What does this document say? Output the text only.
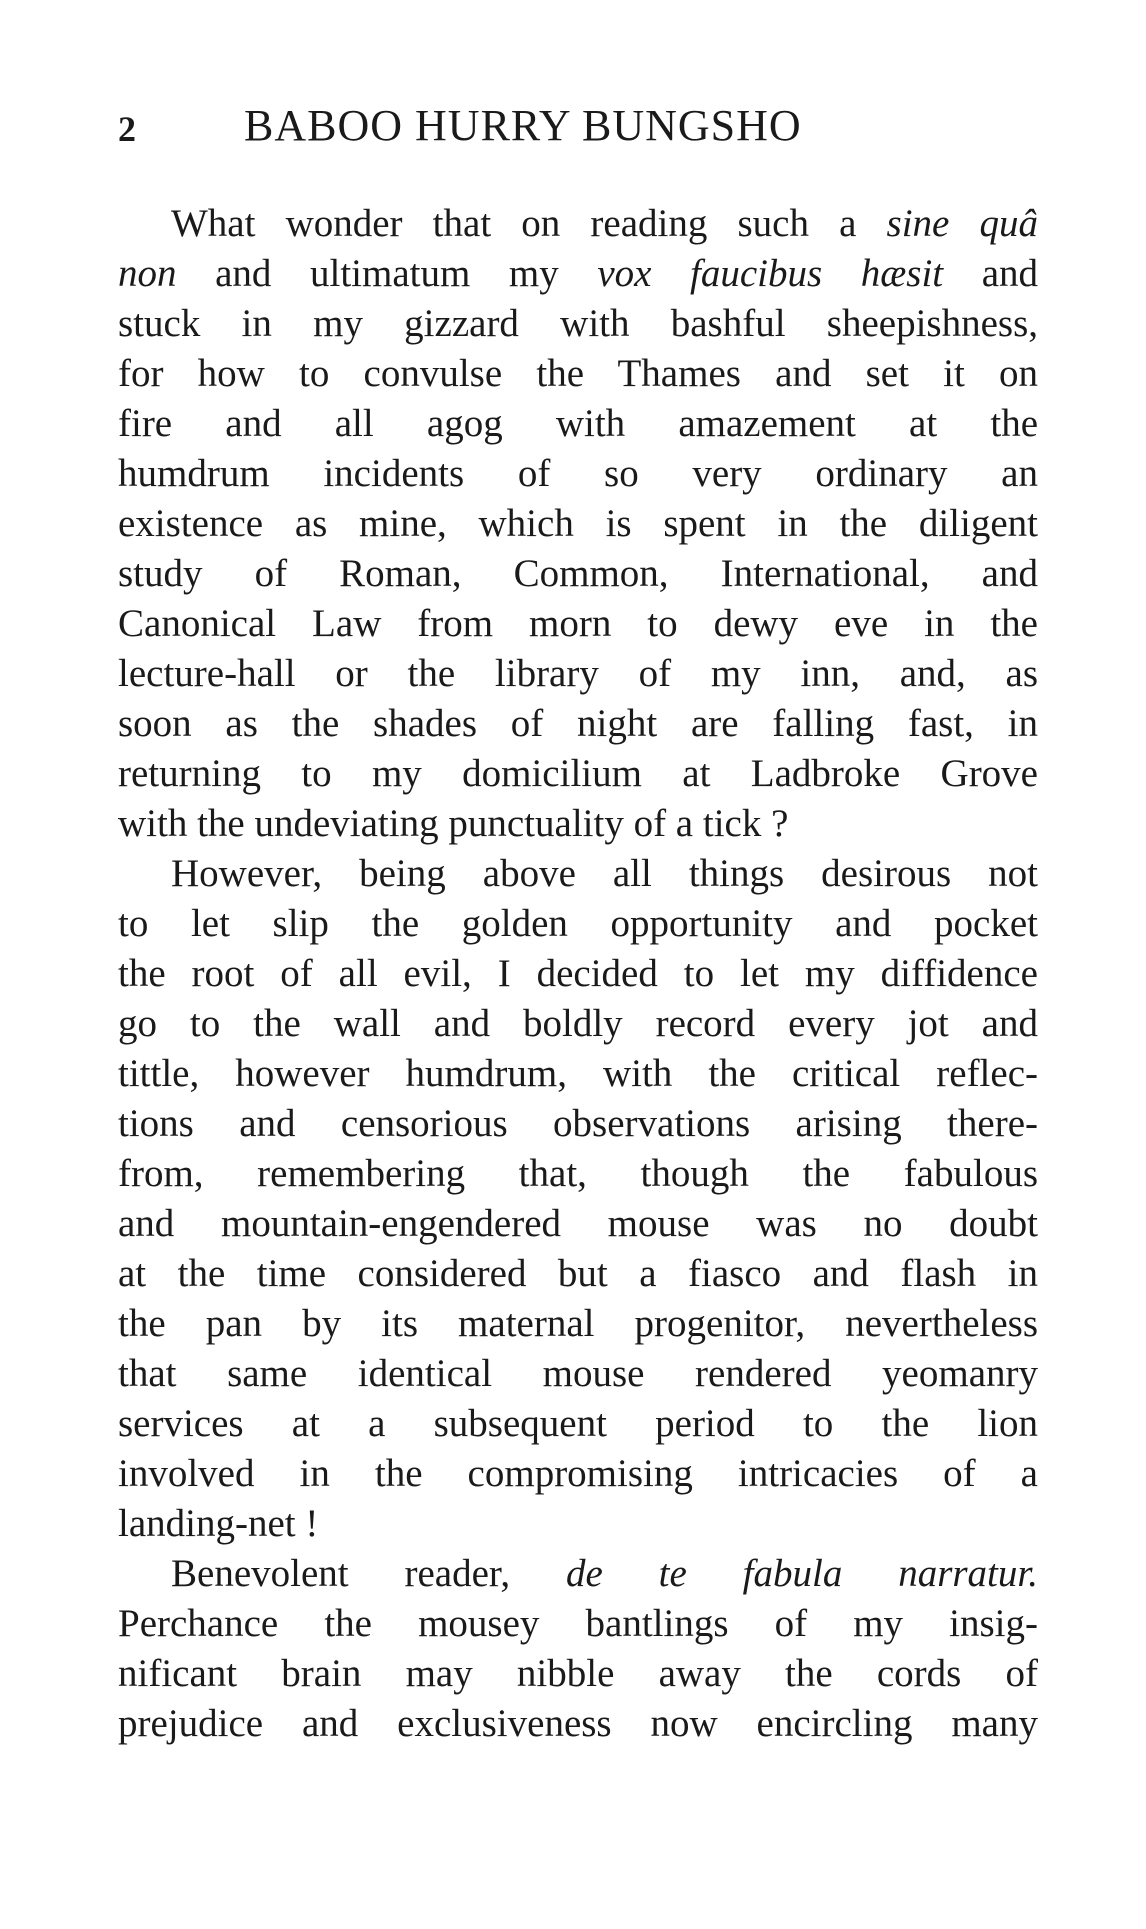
2 BABOO HURRY BUNGSHO
What wonder that on reading such a sine quâ
non and ultimatum my vox faucibus hæsit and
stuck in my gizzard with bashful sheepishness,
for how to convulse the Thames and set it on
fire and all agog with amazement at the
humdrum incidents of so very ordinary an
existence as mine, which is spent in the diligent
study of Roman, Common, International, and
Canonical Law from morn to dewy eve in the
lecture-hall or the library of my inn, and, as
soon as the shades of night are falling fast, in
returning to my domicilium at Ladbroke Grove
with the undeviating punctuality of a tick ?
However, being above all things desirous not
to let slip the golden opportunity and pocket
the root of all evil, I decided to let my diffidence
go to the wall and boldly record every jot and
tittle, however humdrum, with the critical reflec-
tions and censorious observations arising there-
from, remembering that, though the fabulous
and mountain-engendered mouse was no doubt
at the time considered but a fiasco and flash in
the pan by its maternal progenitor, nevertheless
that same identical mouse rendered yeomanry
services at a subsequent period to the lion
involved in the compromising intricacies of a
landing-net !
Benevolent reader, de te fabula narratur.
Perchance the mousey bantlings of my insig-
nificant brain may nibble away the cords of
prejudice and exclusiveness now encircling many
